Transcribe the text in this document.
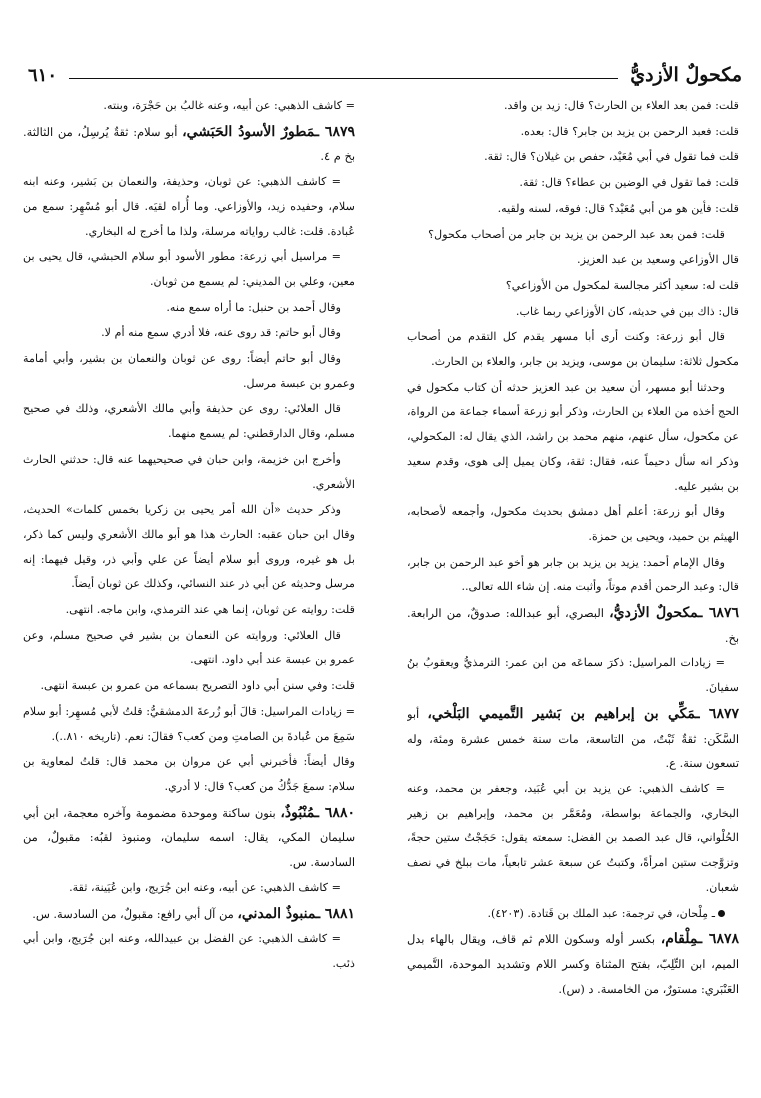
مكحولٌ الأزديُّ
٦١٠

قلت: فمن بعد العلاء بن الحارث؟ قال: زيد بن واقد.

قلت: فعبد الرحمن بن يزيد بن جابر؟ قال: بعده.

قلت فما تقول في أبي مُعَيْد، حفص بن غيلان؟ قال: ثقة.

قلت: فما تقول في الوضين بن عطاء؟ قال: ثقة.

قلت: فأين هو من أبي مُعَيْد؟ قال: فوقه، لسنه ولقيه.

قلت: فمن بعد عبد الرحمن بن يزيد بن جابر من أصحاب مكحول؟

قال الأوزاعي وسعيد بن عبد العزيز.

قلت له: سعيد أكثر مجالسة لمكحول من الأوزاعي؟

قال: ذاك بين في حديثه، كان الأوزاعي ربما غاب.

قال أبو زرعة: وكنت أرى أبا مسهر يقدم كل التقدم من أصحاب مكحول ثلاثة: سليمان بن موسى، ويزيد بن جابر، والعلاء بن الحارث.

وحدثنا أبو مسهر، أن سعيد بن عبد العزيز حدثه أن كتاب مكحول في الحج أخذه من العلاء بن الحارث، وذكر أبو زرعة أسماء جماعة من الرواة، عن مكحول، سأل عنهم، منهم محمد بن راشد، الذي يقال له: المكحولي، وذكر انه سأل دحيماً عنه، فقال: ثقة، وكان يميل إلى هوى، وقدم سعيد بن بشير عليه.

وقال أبو زرعة: أعلم أهل دمشق بحديث مكحول، وأجمعه لأصحابه، الهيثم بن حميد، ويحيى بن حمزة.

وقال الإمام أحمد: يزيد بن يزيد بن جابر هو أخو عبد الرحمن بن جابر، قال: وعبد الرحمن أقدم موتاً، وأثبت منه. إن شاء الله تعالى..

٦٨٧٦ ـمكحولٌ الأزديُّ، البصري، أبو عبدالله: صدوقٌ، من الرابعة. بخ.

= زيادات المراسيل: ذكرَ سماعَه من ابن عمر: الترمذيُّ ويعقوبُ بنُ سفيانَ.

٦٨٧٧ ـمَكِّي بن إبراهيم بن بَشير التَّميمي البَلْخي، أبو السَّكَن: ثقةٌ ثَبْتٌ، من التاسعة، مات سنة خمس عشرة ومئة، وله تسعون سنة. ع.

= كاشف الذهبي: عن يزيد بن أبي عُبَيد، وجعفر بن محمد، وعنه البخاري، والجماعة بواسطة، ومُعَمَّر بن محمد، وإبراهيم بن زهير الحُلْواني، قال عبد الصمد بن الفضل: سمعته يقول: حَجَجْتُ ستين حجةً، وتزوَّجت ستين امرأةً، وكتبتُ عن سبعة عشر تابعياً، مات ببلخ في نصف شعبان.

ـ مِلْحان، في ترجمة: عبد الملك بن قَتادة. (٤٢٠٣).

٦٨٧٨ ـمِلْقام، بكسر أوله وسكون اللام ثم قاف، ويقال بالهاء بدل الميم، ابن التِّلِبّ، بفتح المثناة وكسر اللام وتشديد الموحدة، التَّميمي العَنْبَري: مستورٌ، من الخامسة. د (س).

= كاشف الذهبي: عن أبيه، وعنه غالبُ بن حَجْرَة، وبنته.

٦٨٧٩ ـمَطورٌ الأسودُ الحَبَشي، أبو سلام: ثقةٌ يُرسِلُ، من الثالثة. بخ م ٤.

= كاشف الذهبي: عن ثوبان، وحذيفة، والنعمان بن بَشير، وعنه ابنه سلام، وحفيده زيد، والأوزاعي. وما أُراه لقيَه. قال أبو مُسْهِر: سمع من عُبادة. قلت: غالب رواياته مرسلة، ولذا ما أخرج له البخاري.

= مراسيل أبي زرعة: مطور الأسود أبو سلام الحبشي، قال يحيى بن معين، وعلي بن المديني: لم يسمع من ثوبان.

وقال أحمد بن حنبل: ما أراه سمع منه.

وقال أبو حاتم: قد روى عنه، فلا أدري سمع منه أم لا.

وقال أبو حاتم أيضاً: روى عن ثوبان والنعمان بن بشير، وأبي أمامة وعمرو بن عبسة مرسل.

قال العلائي: روى عن حذيفة وأبي مالك الأشعري، وذلك في صحيح مسلم، وقال الدارقطني: لم يسمع منهما.

وأخرج ابن خزيمة، وابن حبان في صحيحيهما عنه قال: حدثني الحارث الأشعري.

وذكر حديث «أن الله أمر يحيى بن زكريا بخمس كلمات» الحديث، وقال ابن حبان عقبه: الحارث هذا هو أبو مالك الأشعري وليس كما ذكر، بل هو غيره، وروى أبو سلام أيضاً عن علي وأبي ذر، وقيل فيهما: إنه مرسل وحديثه عن أبي ذر عند النسائي، وكذلك عن ثوبان أيضاً.

قلت: روايته عن ثوبان، إنما هي عند الترمذي، وابن ماجه. انتهى.

قال العلائي: وروايته عن النعمان بن بشير في صحيح مسلم، وعن عمرو بن عبسة عند أبي داود. انتهى.

قلت: وفي سنن أبي داود التصريح بسماعه من عمرو بن عبسة انتهى.

= زيادات المراسيل: قالَ أبو زُرعةَ الدمشقيُّ: قلتُ لأبي مُسهِر: أبو سلام سَمِعَ من عُبادةَ بن الصامتِ ومن كعب؟ فقالَ: نعم. (تاريخه ٨١٠..).

وقال أيضاً: فأخبرني أبي عن مروان بن محمد قال: قلتُ لمعاوية بن سلام: سمعَ جَدُّكُ من كعب؟ قال: لا أدري.

٦٨٨٠ ـمُنْبُوذٌ، بنون ساكنة وموحدة مضمومة وآخره معجمة، ابن أبي سليمان المكي، يقال: اسمه سليمان، ومنبوذ لقبُه: مقبولٌ، من السادسة. س.

= كاشف الذهبي: عن أبيه، وعنه ابن جُرَيج، وابن عُيَينة، ثقة.

٦٨٨١ ـمنبوذٌ المدني، من آل أبي رافع: مقبولٌ، من السادسة. س.

= كاشف الذهبي: عن الفضل بن عبيدالله، وعنه ابن جُرَيج، وابن أبي ذئب.
